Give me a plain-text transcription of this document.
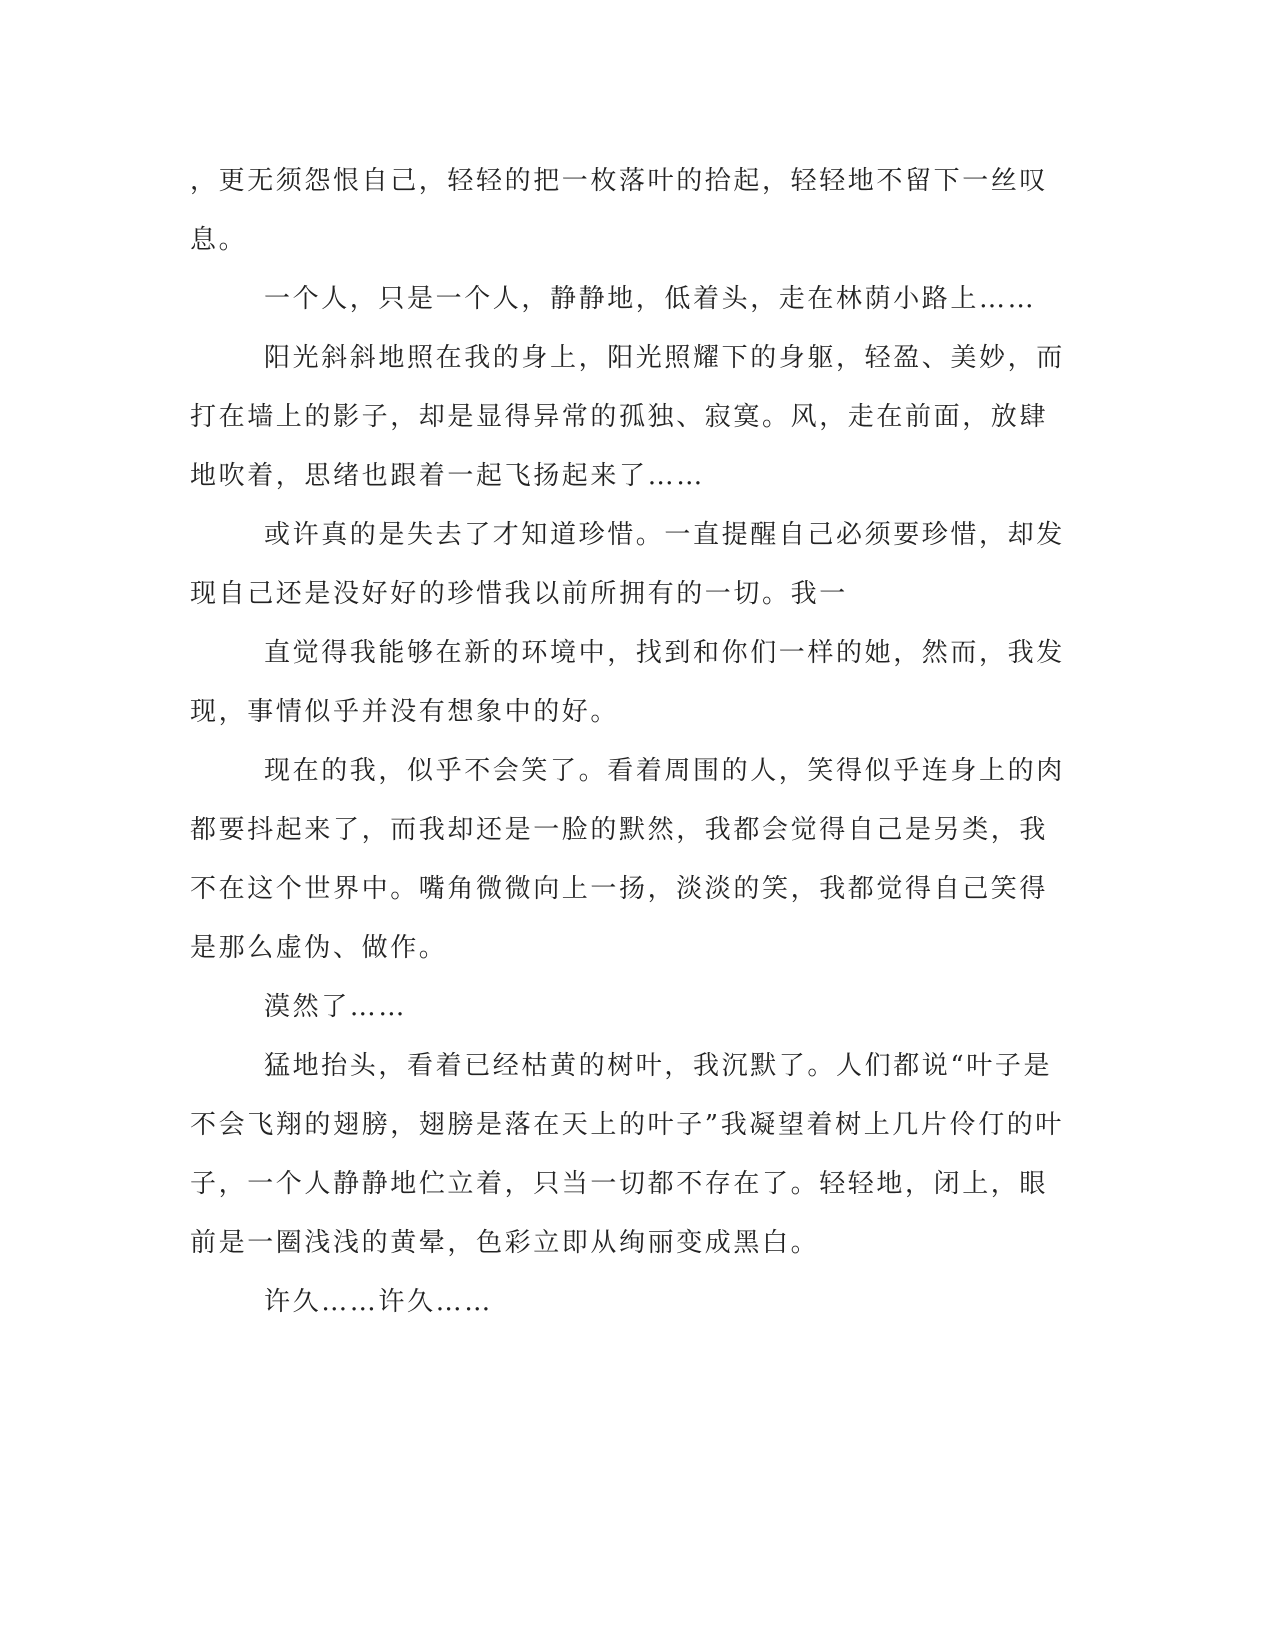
，更无须怨恨自己，轻轻的把一枚落叶的拾起，轻轻地不留下一丝叹
息。
一个人，只是一个人，静静地，低着头，走在林荫小路上……
阳光斜斜地照在我的身上，阳光照耀下的身躯，轻盈、美妙，而
打在墙上的影子，却是显得异常的孤独、寂寞。风，走在前面，放肆
地吹着，思绪也跟着一起飞扬起来了……
或许真的是失去了才知道珍惜。一直提醒自己必须要珍惜，却发
现自己还是没好好的珍惜我以前所拥有的一切。我一
直觉得我能够在新的环境中，找到和你们一样的她，然而，我发
现，事情似乎并没有想象中的好。
现在的我，似乎不会笑了。看着周围的人，笑得似乎连身上的肉
都要抖起来了，而我却还是一脸的默然，我都会觉得自己是另类，我
不在这个世界中。嘴角微微向上一扬，淡淡的笑，我都觉得自己笑得
是那么虚伪、做作。
漠然了……
猛地抬头，看着已经枯黄的树叶，我沉默了。人们都说“叶子是
不会飞翔的翅膀，翅膀是落在天上的叶子”我凝望着树上几片伶仃的叶
子，一个人静静地伫立着，只当一切都不存在了。轻轻地，闭上，眼
前是一圈浅浅的黄晕，色彩立即从绚丽变成黑白。
许久……许久……
